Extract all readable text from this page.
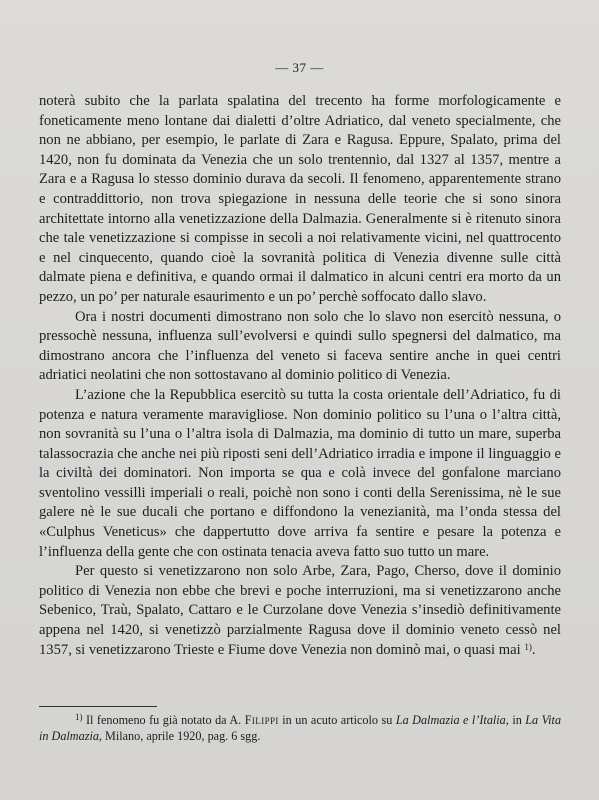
— 37 —

noterà subito che la parlata spalatina del trecento ha forme morfologicamente e foneticamente meno lontane dai dialetti d’oltre Adriatico, dal veneto specialmente, che non ne abbiano, per esempio, le parlate di Zara e Ragusa. Eppure, Spalato, prima del 1420, non fu dominata da Venezia che un solo trentennio, dal 1327 al 1357, mentre a Zara e a Ragusa lo stesso dominio durava da secoli. Il fenomeno, apparentemente strano e contraddittorio, non trova spiegazione in nessuna delle teorie che si sono sinora architettate intorno alla venetizzazione della Dalmazia. Generalmente si è ritenuto sinora che tale venetizzazione si compisse in secoli a noi relativamente vicini, nel quattrocento e nel cinquecento, quando cioè la sovranità politica di Venezia divenne sulle città dalmate piena e definitiva, e quando ormai il dalmatico in alcuni centri era morto da un pezzo, un po’ per naturale esaurimento e un po’ perchè soffocato dallo slavo.

Ora i nostri documenti dimostrano non solo che lo slavo non esercitò nessuna, o pressochè nessuna, influenza sull’evolversi e quindi sullo spegnersi del dalmatico, ma dimostrano ancora che l’influenza del veneto si faceva sentire anche in quei centri adriatici neolatini che non sottostavano al dominio politico di Venezia.

L’azione che la Repubblica esercitò su tutta la costa orientale dell’Adriatico, fu di potenza e natura veramente maravigliose. Non dominio politico su l’una o l’altra città, non sovranità su l’una o l’altra isola di Dalmazia, ma dominio di tutto un mare, superba talassocrazia che anche nei più riposti seni dell’Adriatico irradia e impone il linguaggio e la civiltà dei dominatori. Non importa se qua e colà invece del gonfalone marciano sventolino vessilli imperiali o reali, poichè non sono i conti della Serenissima, nè le sue galere nè le sue ducali che portano e diffondono la venezianità, ma l’onda stessa del «Culphus Veneticus» che dappertutto dove arriva fa sentire e pesare la potenza e l’influenza della gente che con ostinata tenacia aveva fatto suo tutto un mare.

Per questo si venetizzarono non solo Arbe, Zara, Pago, Cherso, dove il dominio politico di Venezia non ebbe che brevi e poche interruzioni, ma si venetizzarono anche Sebenico, Traù, Spalato, Cattaro e le Curzolane dove Venezia s’insediò definitivamente appena nel 1420, si venetizzò parzialmente Ragusa dove il dominio veneto cessò nel 1357, si venetizzarono Trieste e Fiume dove Venezia non dominò mai, o quasi mai $^{1)}$.

$^{1)}$ Il fenomeno fu già notato da A. Filippi in un acuto articolo su La Dalmazia e l’Italia, in La Vita in Dalmazia, Milano, aprile 1920, pag. 6 sgg.
